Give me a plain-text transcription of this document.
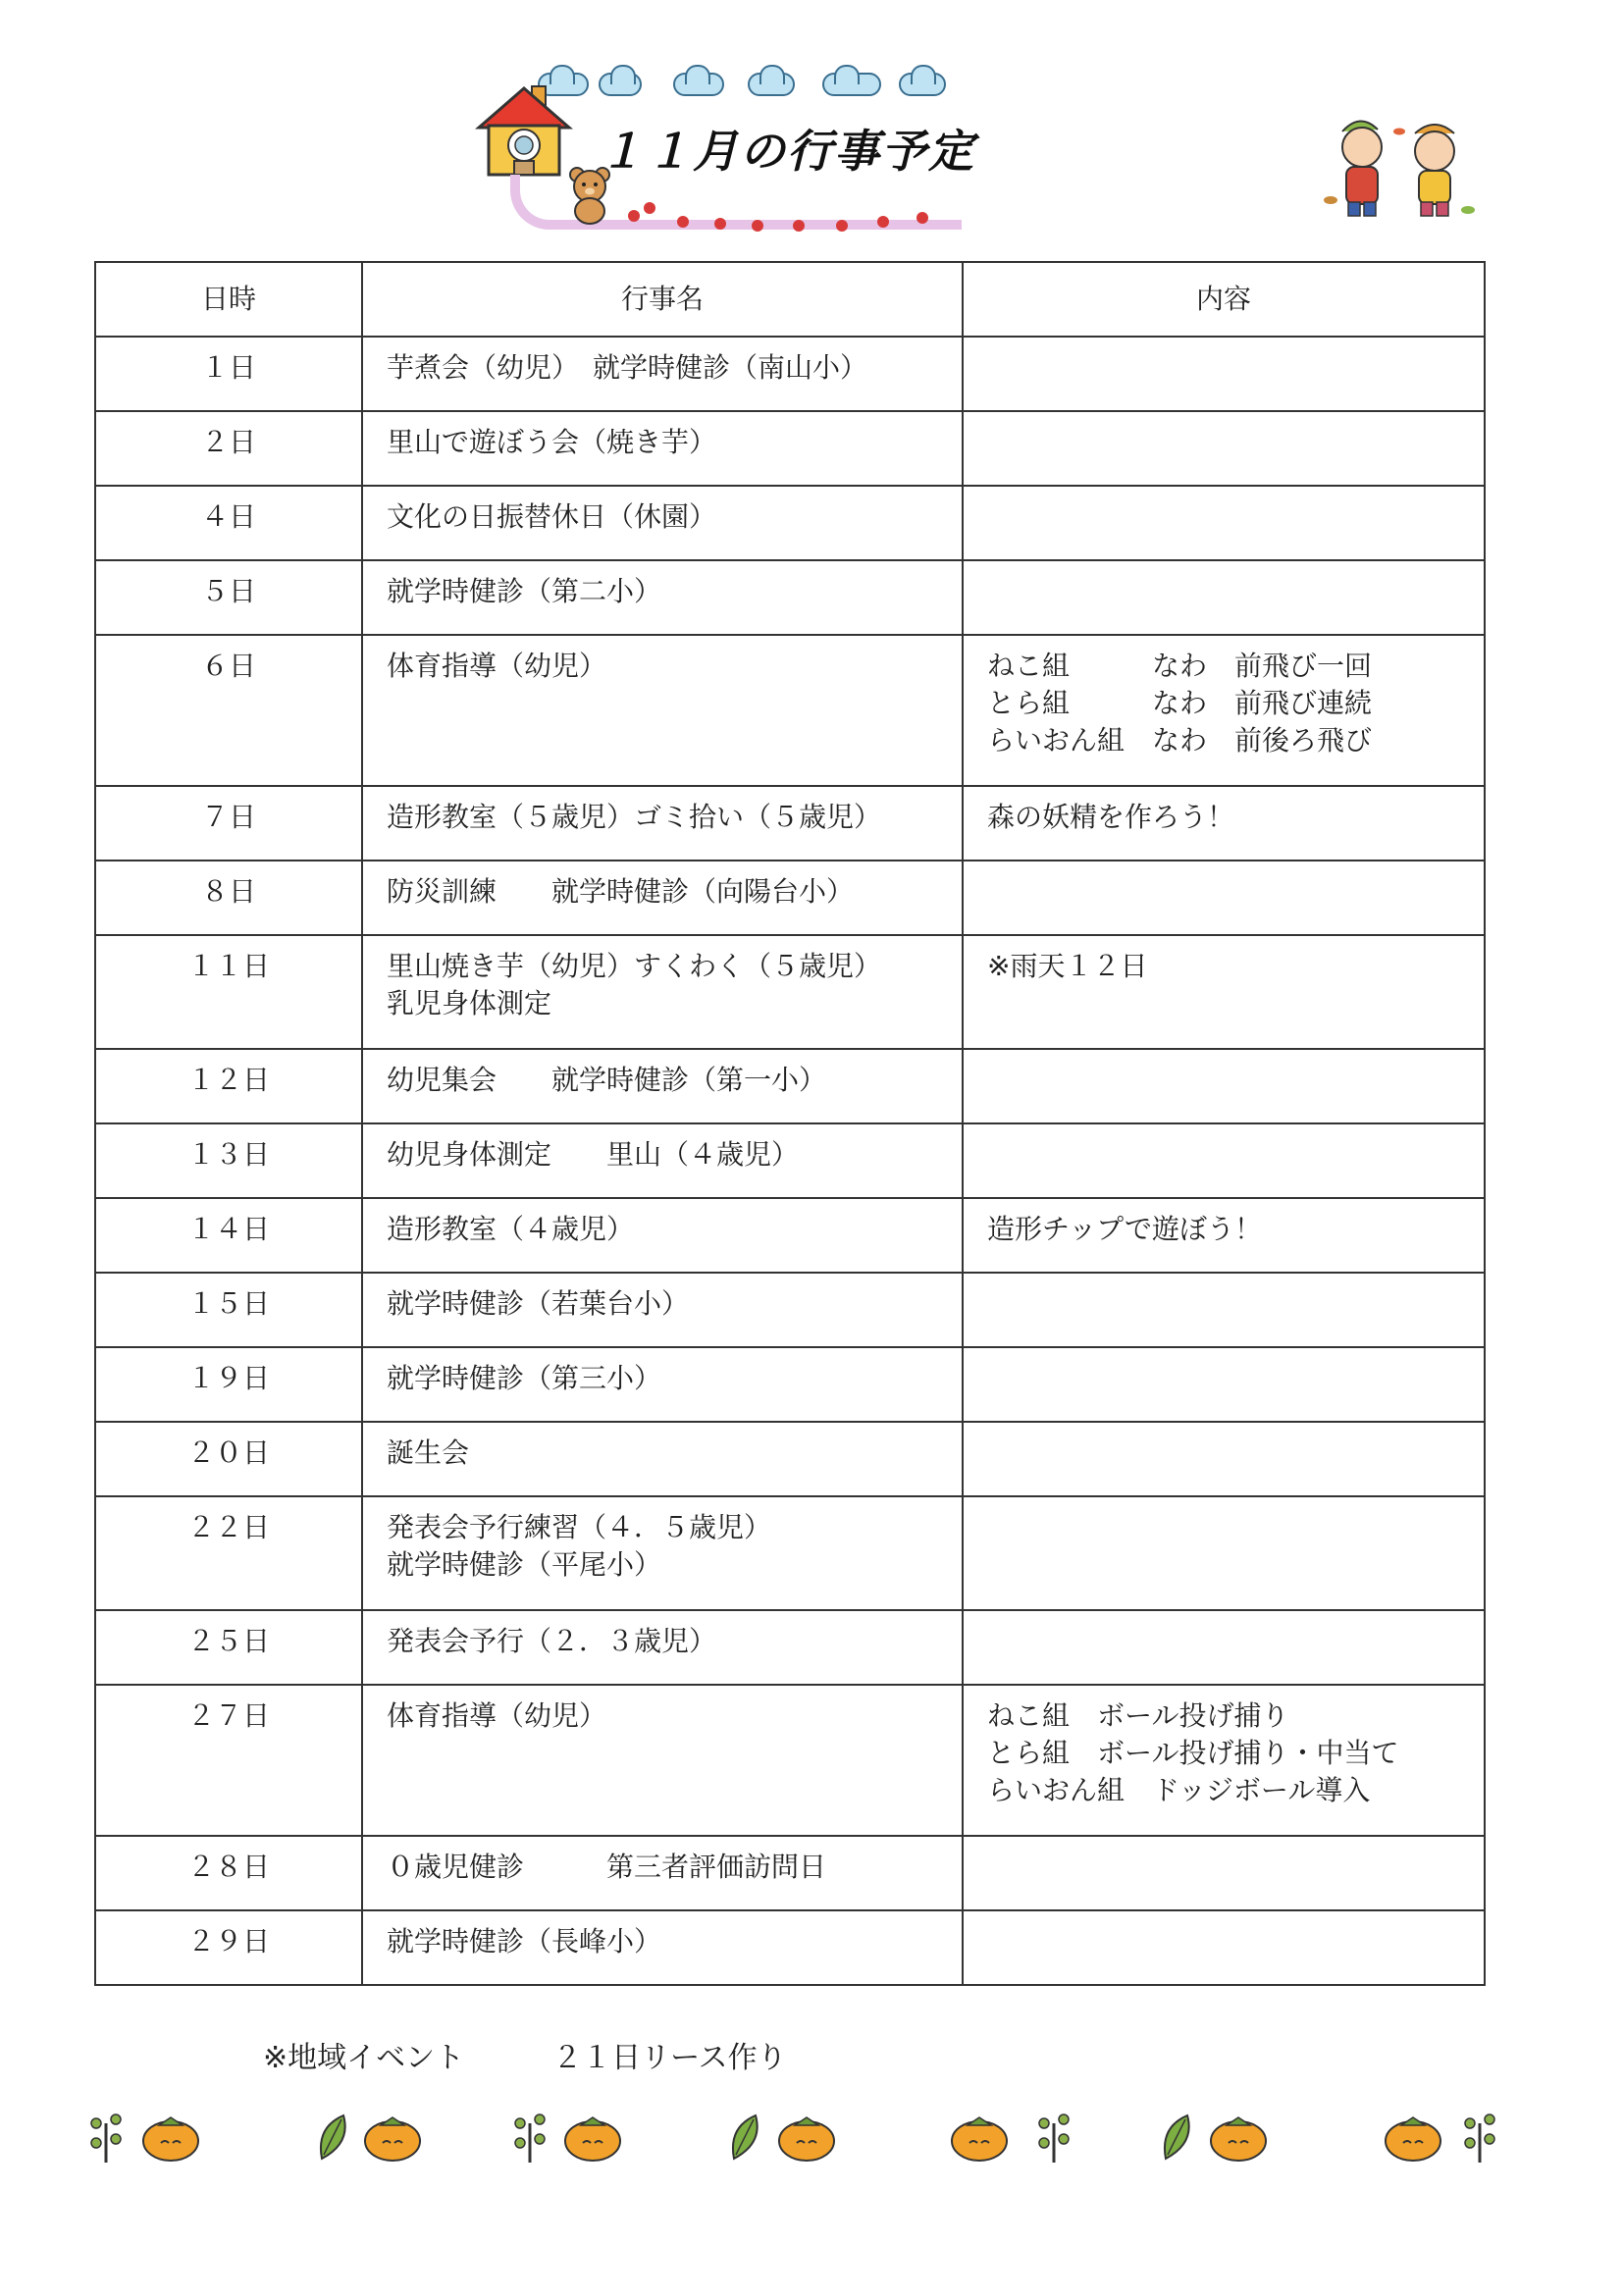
１１月の行事予定
日時	行事名	内容
１日	芋煮会（幼児）　就学時健診（南山小）	

２日	里山で遊ぼう会（焼き芋）	

４日	文化の日振替休日（休園）	

５日	就学時健診（第二小）	

６日	体育指導（幼児）	ねこ組　　　なわ　前飛び一回
とら組　　　なわ　前飛び連続
らいおん組　なわ　前後ろ飛び

７日	造形教室（５歳児）ゴミ拾い（５歳児）	森の妖精を作ろう！

８日	防災訓練　　就学時健診（向陽台小）	

１１日	里山焼き芋（幼児）すくわく（５歳児）
乳児身体測定	※雨天１２日

１２日	幼児集会　　就学時健診（第一小）	

１３日	幼児身体測定　　里山（４歳児）	

１４日	造形教室（４歳児）	造形チップで遊ぼう！

１５日	就学時健診（若葉台小）	

１９日	就学時健診（第三小）	

２０日	誕生会	

２２日	発表会予行練習（４．５歳児）
就学時健診（平尾小）	

２５日	発表会予行（２．３歳児）	

２７日	体育指導（幼児）	ねこ組　ボール投げ捕り
とら組　ボール投げ捕り・中当て
らいおん組　ドッジボール導入

２８日	０歳児健診　　　第三者評価訪問日	

２９日	就学時健診（長峰小）	

※地域イベント　　　２１日リース作り
